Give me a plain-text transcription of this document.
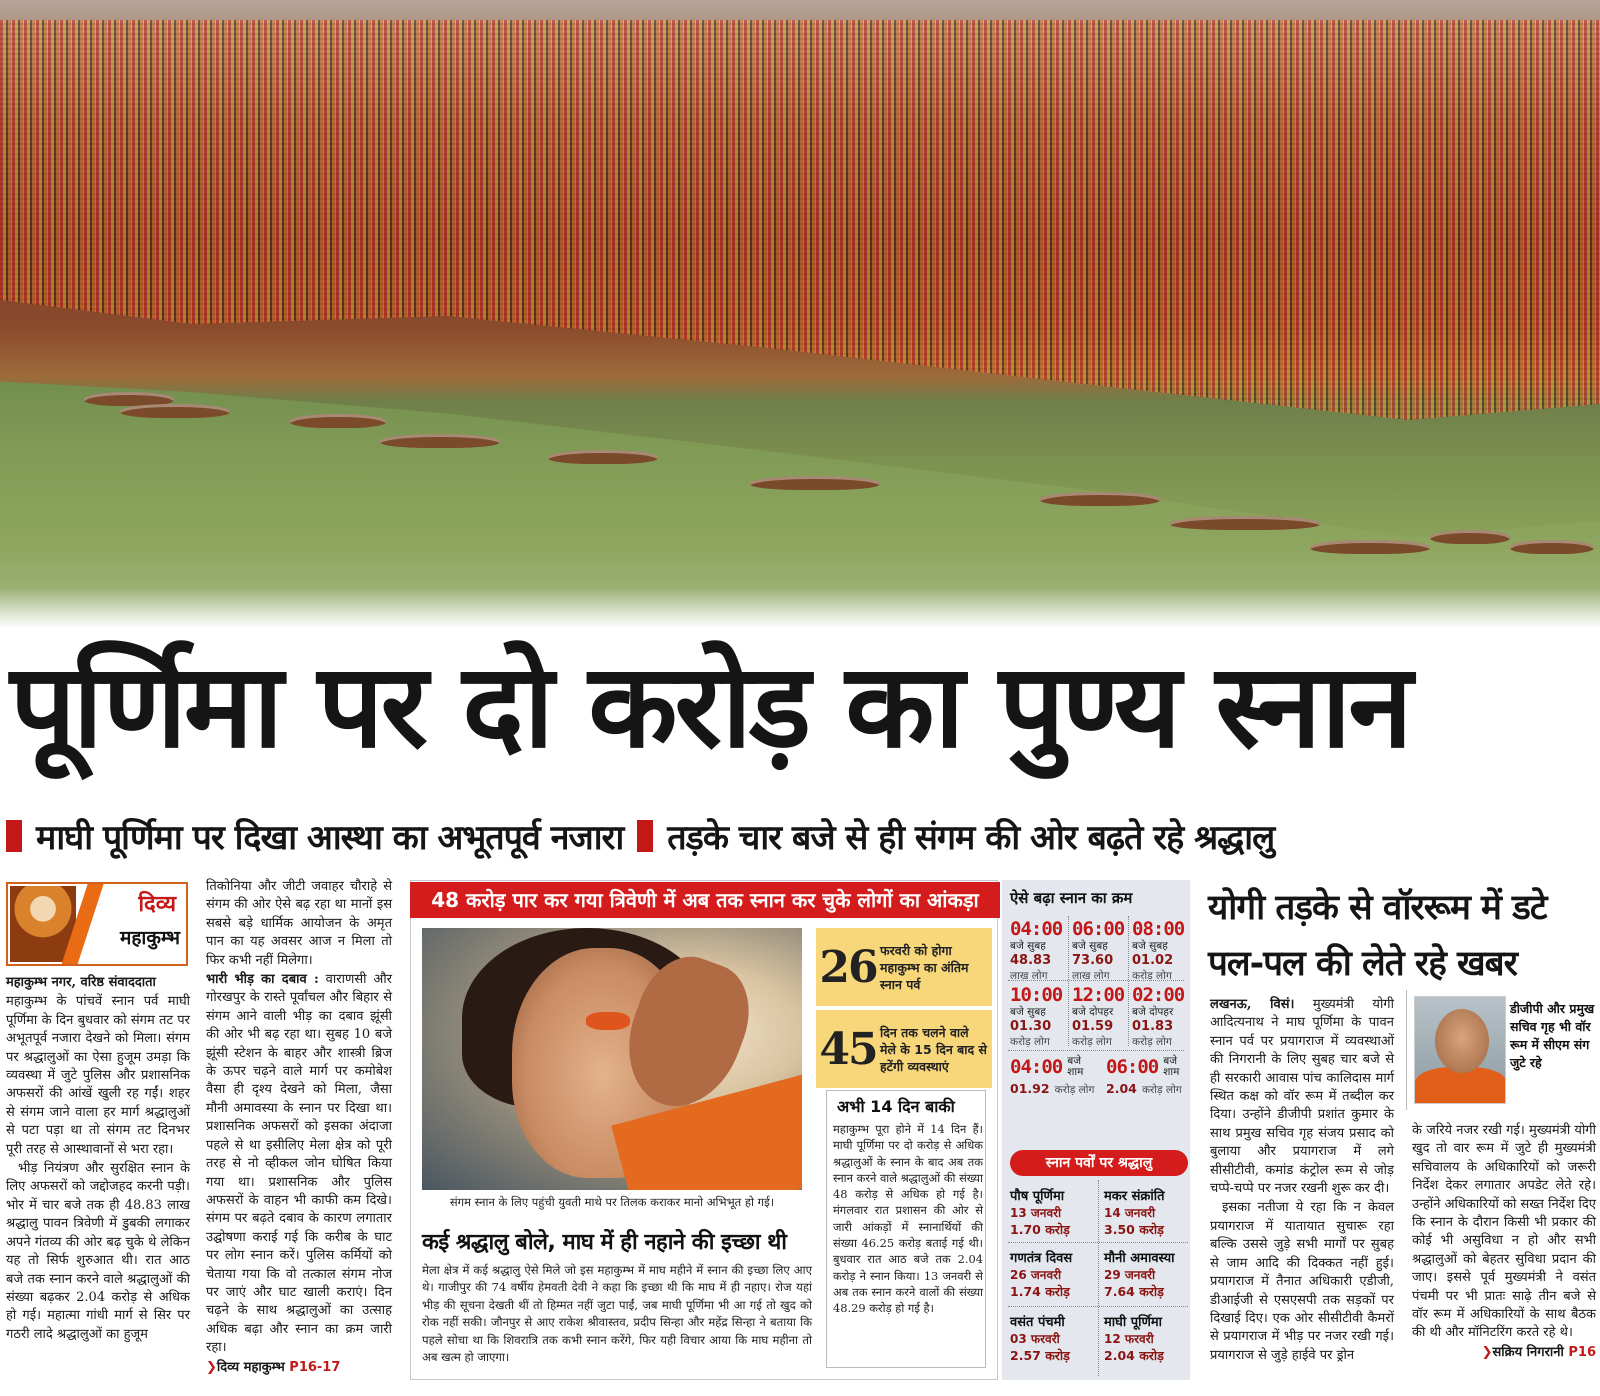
पूर्णिमा पर दो करोड़ का पुण्य स्नान
माघी पूर्णिमा पर दिखा आस्था का अभूतपूर्व नजारा तड़के चार बजे से ही संगम की ओर बढ़ते रहे श्रद्धालु
दिव्य
महाकुम्भ

महाकुम्भ नगर, वरिष्ठ संवाददाता

महाकुम्भ के पांचवें स्नान पर्व माघी पूर्णिमा के दिन बुधवार को संगम तट पर अभूतपूर्व नजारा देखने को मिला। संगम पर श्रद्धालुओं का ऐसा हुजूम उमड़ा कि व्यवस्था में जुटे पुलिस और प्रशासनिक अफसरों की आंखें खुली रह गईं। शहर से संगम जाने वाला हर मार्ग श्रद्धालुओं से पटा पड़ा था तो संगम तट दिनभर पूरी तरह से आस्थावानों से भरा रहा।

भीड़ नियंत्रण और सुरक्षित स्नान के लिए अफसरों को जद्दोजहद करनी पड़ी। भोर में चार बजे तक ही 48.83 लाख श्रद्धालु पावन त्रिवेणी में डुबकी लगाकर अपने गंतव्य की ओर बढ़ चुके थे लेकिन यह तो सिर्फ शुरुआत थी। रात आठ बजे तक स्नान करने वाले श्रद्धालुओं की संख्या बढ़कर 2.04 करोड़ से अधिक हो गई। महात्मा गांधी मार्ग से सिर पर गठरी लादे श्रद्धालुओं का हुजूम

तिकोनिया और जीटी जवाहर चौराहे से संगम की ओर ऐसे बढ़ रहा था मानों इस सबसे बड़े धार्मिक आयोजन के अमृत पान का यह अवसर आज न मिला तो फिर कभी नहीं मिलेगा।

भारी भीड़ का दबाव : वाराणसी और गोरखपुर के रास्ते पूर्वांचल और बिहार से संगम आने वाली भीड़ का दबाव झूंसी की ओर भी बढ़ रहा था। सुबह 10 बजे झूंसी स्टेशन के बाहर और शास्त्री ब्रिज के ऊपर चढ़ने वाले मार्ग पर कमोबेश वैसा ही दृश्य देखने को मिला, जैसा मौनी अमावस्या के स्नान पर दिखा था। प्रशासनिक अफसरों को इसका अंदाजा पहले से था इसीलिए मेला क्षेत्र को पूरी तरह से नो व्हीकल जोन घोषित किया गया था। प्रशासनिक और पुलिस अफसरों के वाहन भी काफी कम दिखे। संगम पर बढ़ते दबाव के कारण लगातार उद्घोषणा कराई गई कि करीब के घाट पर लोग स्नान करें। पुलिस कर्मियों को चेताया गया कि वो तत्काल संगम नोज पर जाएं और घाट खाली कराएं। दिन चढ़ने के साथ श्रद्धालुओं का उत्साह अधिक बढ़ा और स्नान का क्रम जारी रहा।

❯दिव्य महाकुम्भ P16-17

48 करोड़ पार कर गया त्रिवेणी में अब तक स्नान कर चुके लोगों का आंकड़ा
संगम स्नान के लिए पहुंची युवती माथे पर तिलक कराकर मानो अभिभूत हो गई।
कई श्रद्धालु बोले, माघ में ही नहाने की इच्छा थी
मेला क्षेत्र में कई श्रद्धालु ऐसे मिले जो इस महाकुम्भ में माघ महीने में स्नान की इच्छा लिए आए थे। गाजीपुर की 74 वर्षीय हेमवती देवी ने कहा कि इच्छा थी कि माघ में ही नहाए। रोज यहां भीड़ की सूचना देखती थीं तो हिम्मत नहीं जुटा पाईं, जब माघी पूर्णिमा भी आ गई तो खुद को रोक नहीं सकी। जौनपुर से आए राकेश श्रीवास्तव, प्रदीप सिन्हा और महेंद्र सिन्हा ने बताया कि पहले सोचा था कि शिवरात्रि तक कभी स्नान करेंगे, फिर यही विचार आया कि माघ महीना तो अब खत्म हो जाएगा।
26 फरवरी को होगा महाकुम्भ का अंतिम स्नान पर्व
45 दिन तक चलने वाले मेले के 15 दिन बाद से हटेंगी व्यवस्थाएं
अभी 14 दिन बाकी
महाकुम्भ पूरा होने में 14 दिन हैं। माघी पूर्णिमा पर दो करोड़ से अधिक श्रद्धालुओं के स्नान के बाद अब तक स्नान करने वाले श्रद्धालुओं की संख्या 48 करोड़ से अधिक हो गई है। मंगलवार रात प्रशासन की ओर से जारी आंकड़ों में स्नानार्थियों की संख्या 46.25 करोड़ बताई गई थी। बुधवार रात आठ बजे तक 2.04 करोड़ ने स्नान किया। 13 जनवरी से अब तक स्नान करने वालों की संख्या 48.29 करोड़ हो गई है।
ऐसे बढ़ा स्नान का क्रम
04:00
बजे सुबह
48.83
लाख लोग
06:00
बजे सुबह
73.60
लाख लोग
08:00
बजे सुबह
01.02
करोड़ लोग
10:00
बजे सुबह
01.30
करोड़ लोग
12:00
बजे दोपहर
01.59
करोड़ लोग
02:00
बजे दोपहर
01.83
करोड़ लोग
04:00 बजे
शाम
01.92 करोड़ लोग
06:00 बजे
शाम
2.04 करोड़ लोग
स्नान पर्वों पर श्रद्धालु
पौष पूर्णिमा
13 जनवरी
1.70 करोड़
मकर संक्रांति
14 जनवरी
3.50 करोड़
गणतंत्र दिवस
26 जनवरी
1.74 करोड़
मौनी अमावस्या
29 जनवरी
7.64 करोड़
वसंत पंचमी
03 फरवरी
2.57 करोड़
माघी पूर्णिमा
12 फरवरी
2.04 करोड़
योगी तड़के से वॉररूम में डटे
पल-पल की लेते रहे खबर

लखनऊ, विसं। मुख्यमंत्री योगी आदित्यनाथ ने माघ पूर्णिमा के पावन स्नान पर्व पर प्रयागराज में व्यवस्थाओं की निगरानी के लिए सुबह चार बजे से ही सरकारी आवास पांच कालिदास मार्ग स्थित कक्ष को वॉर रूम में तब्दील कर दिया। उन्होंने डीजीपी प्रशांत कुमार के साथ प्रमुख सचिव गृह संजय प्रसाद को बुलाया और प्रयागराज में लगे सीसीटीवी, कमांड कंट्रोल रूम से जोड़ चप्पे-चप्पे पर नजर रखनी शुरू कर दी।

इसका नतीजा ये रहा कि न केवल प्रयागराज में यातायात सुचारू रहा बल्कि उससे जुड़े सभी मार्गों पर सुबह से जाम आदि की दिक्कत नहीं हुई। प्रयागराज में तैनात अधिकारी एडीजी, डीआईजी से एसएसपी तक सड़कों पर दिखाई दिए। एक ओर सीसीटीवी कैमरों से प्रयागराज में भीड़ पर नजर रखी गई। प्रयागराज से जुड़े हाईवे पर ड्रोन

डीजीपी और प्रमुख सचिव गृह भी वॉर रूम में सीएम संग जुटे रहे

के जरिये नजर रखी गई। मुख्यमंत्री योगी खुद तो वार रूम में जुटे ही मुख्यमंत्री सचिवालय के अधिकारियों को जरूरी निर्देश देकर लगातार अपडेट लेते रहे। उन्होंने अधिकारियों को सख्त निर्देश दिए कि स्नान के दौरान किसी भी प्रकार की कोई भी असुविधा न हो और सभी श्रद्धालुओं को बेहतर सुविधा प्रदान की जाए। इससे पूर्व मुख्यमंत्री ने वसंत पंचमी पर भी प्रातः साढ़े तीन बजे से वॉर रूम में अधिकारियों के साथ बैठक की थी और मॉनिटरिंग करते रहे थे।

❯सक्रिय निगरानी P16
